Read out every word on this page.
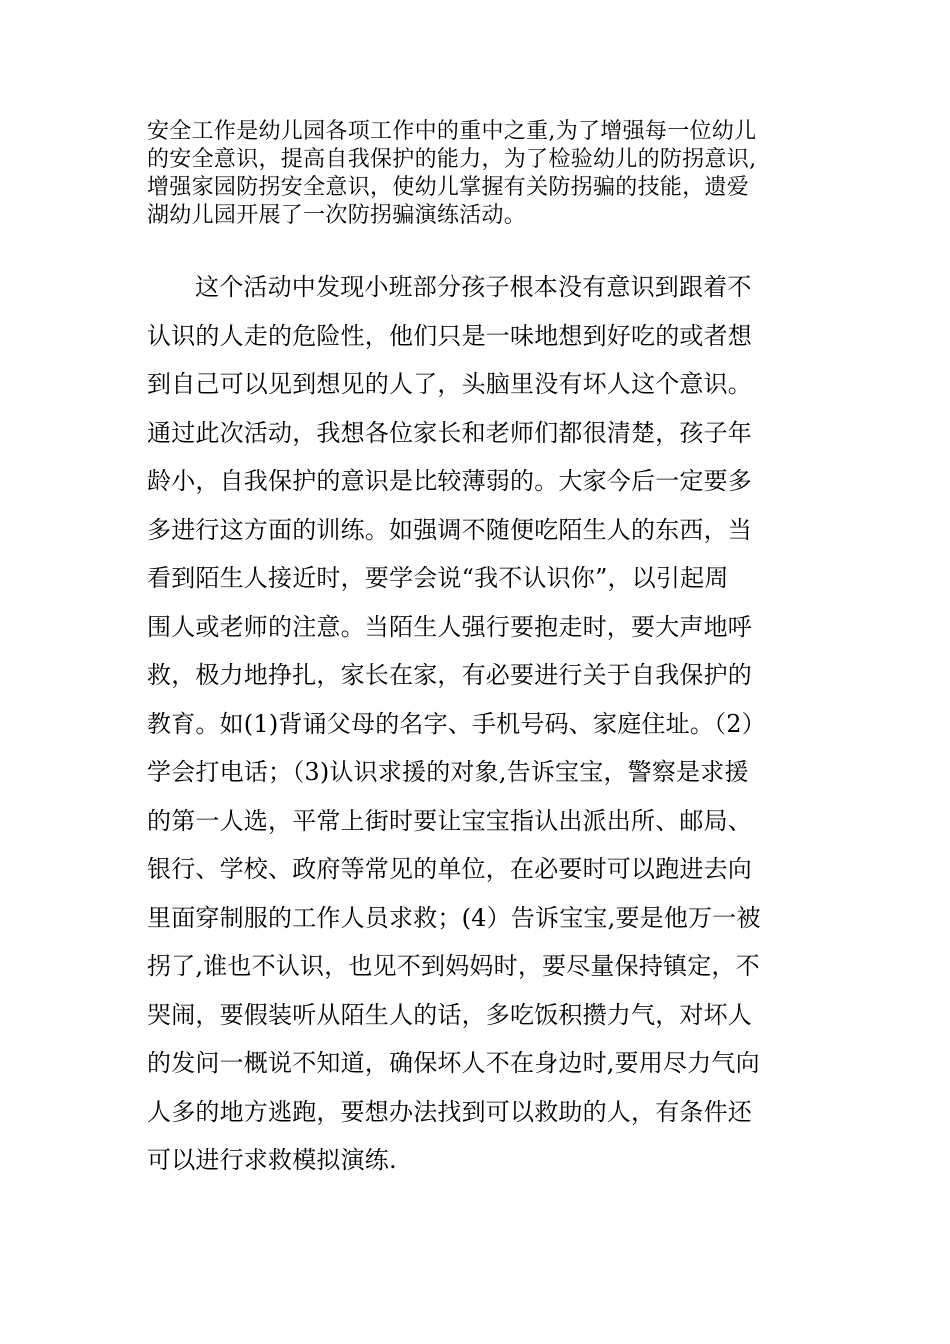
安全工作是幼儿园各项工作中的重中之重,为了增强每一位幼儿
的安全意识，提高自我保护的能力，为了检验幼儿的防拐意识,
增强家园防拐安全意识，使幼儿掌握有关防拐骗的技能，遗爱
湖幼儿园开展了一次防拐骗演练活动。
这个活动中发现小班部分孩子根本没有意识到跟着不
认识的人走的危险性，他们只是一味地想到好吃的或者想
到自己可以见到想见的人了，头脑里没有坏人这个意识。
通过此次活动，我想各位家长和老师们都很清楚，孩子年
龄小，自我保护的意识是比较薄弱的。大家今后一定要多
多进行这方面的训练。如强调不随便吃陌生人的东西，当
看到陌生人接近时，要学会说“我不认识你”，以引起周
围人或老师的注意。当陌生人强行要抱走时，要大声地呼
救，极力地挣扎，家长在家，有必要进行关于自我保护的
教育。如(1)背诵父母的名字、手机号码、家庭住址。（2）
学会打电话；（3)认识求援的对象,告诉宝宝，警察是求援
的第一人选，平常上街时要让宝宝指认出派出所、邮局、
银行、学校、政府等常见的单位，在必要时可以跑进去向
里面穿制服的工作人员求救；(4）告诉宝宝,要是他万一被
拐了,谁也不认识，也见不到妈妈时，要尽量保持镇定，不
哭闹，要假装听从陌生人的话，多吃饭积攒力气，对坏人
的发问一概说不知道，确保坏人不在身边时,要用尽力气向
人多的地方逃跑，要想办法找到可以救助的人，有条件还
可以进行求救模拟演练.
